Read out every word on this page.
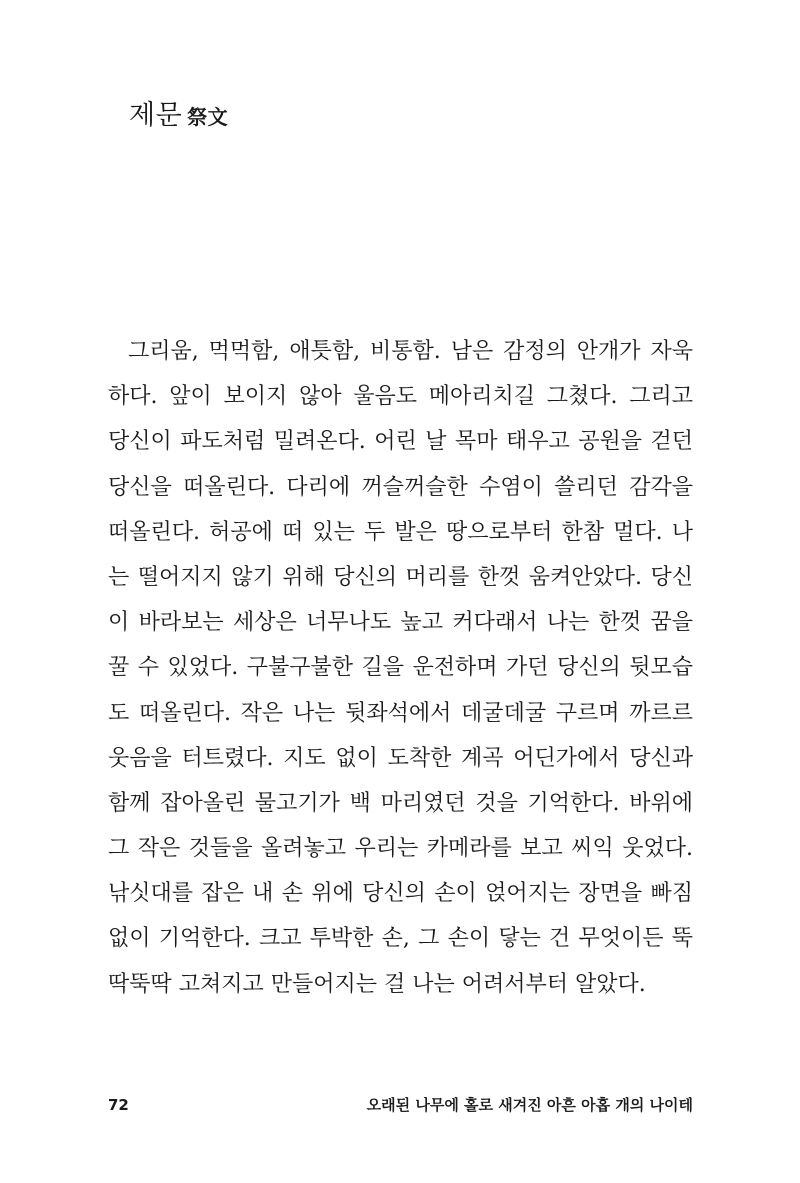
제문 祭文
그리움, 먹먹함, 애틋함, 비통함. 남은 감정의 안개가 자욱
하다. 앞이 보이지 않아 울음도 메아리치길 그쳤다. 그리고
당신이 파도처럼 밀려온다. 어린 날 목마 태우고 공원을 걷던
당신을 떠올린다. 다리에 꺼슬꺼슬한 수염이 쓸리던 감각을
떠올린다. 허공에 떠 있는 두 발은 땅으로부터 한참 멀다. 나
는 떨어지지 않기 위해 당신의 머리를 한껏 움켜안았다. 당신
이 바라보는 세상은 너무나도 높고 커다래서 나는 한껏 꿈을
꿀 수 있었다. 구불구불한 길을 운전하며 가던 당신의 뒷모습
도 떠올린다. 작은 나는 뒷좌석에서 데굴데굴 구르며 까르르
웃음을 터트렸다. 지도 없이 도착한 계곡 어딘가에서 당신과
함께 잡아올린 물고기가 백 마리였던 것을 기억한다. 바위에
그 작은 것들을 올려놓고 우리는 카메라를 보고 씨익 웃었다.
낚싯대를 잡은 내 손 위에 당신의 손이 얹어지는 장면을 빠짐
없이 기억한다. 크고 투박한 손, 그 손이 닿는 건 무엇이든 뚝
딱뚝딱 고쳐지고 만들어지는 걸 나는 어려서부터 알았다.
72	오래된 나무에 홀로 새겨진 아흔 아홉 개의 나이테
